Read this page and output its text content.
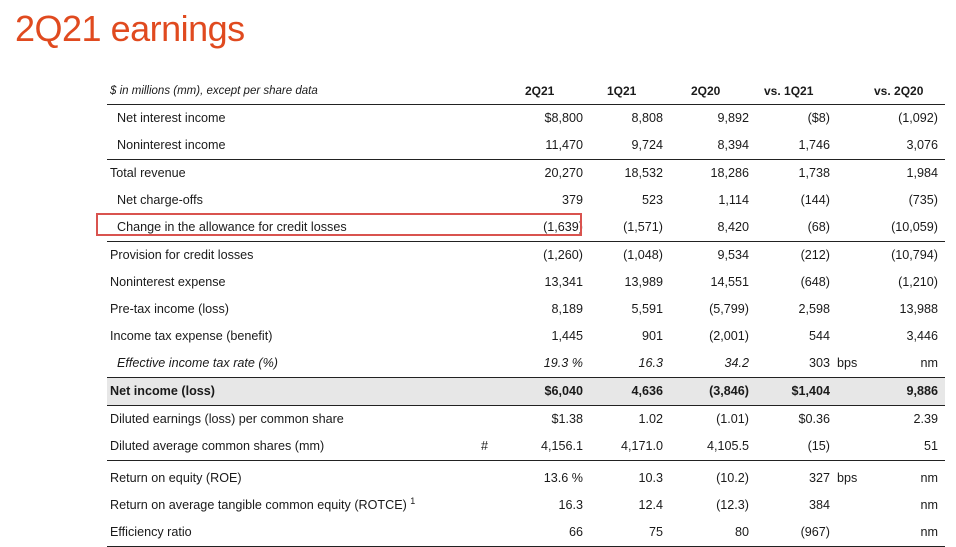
2Q21 earnings
$ in millions (mm), except per share data	2Q21	1Q21	2Q20	vs. 1Q21	vs. 2Q20
Net interest income	$8,800	8,808	9,892	($8)	(1,092)
Noninterest income	11,470	9,724	8,394	1,746	3,076
Total revenue	20,270	18,532	18,286	1,738	1,984
Net charge-offs	379	523	1,114	(144)	(735)
Change in the allowance for credit losses	(1,639)	(1,571)	8,420	(68)	(10,059)
Provision for credit losses	(1,260)	(1,048)	9,534	(212)	(10,794)
Noninterest expense	13,341	13,989	14,551	(648)	(1,210)
Pre-tax income (loss)	8,189	5,591	(5,799)	2,598	13,988
Income tax expense (benefit)	1,445	901	(2,001)	544	3,446
Effective income tax rate (%)	19.3 %	16.3	34.2	303 bps	nm
Net income (loss)	$6,040	4,636	(3,846)	$1,404	9,886
Diluted earnings (loss) per common share	$1.38	1.02	(1.01)	$0.36	2.39
Diluted average common shares (mm)	#	4,156.1	4,171.0	4,105.5	(15)	51
Return on equity (ROE)	13.6 %	10.3	(10.2)	327 bps	nm
Return on average tangible common equity (ROTCE) $^1$	16.3	12.4	(12.3)	384	nm
Efficiency ratio	66	75	80	(967)	nm
